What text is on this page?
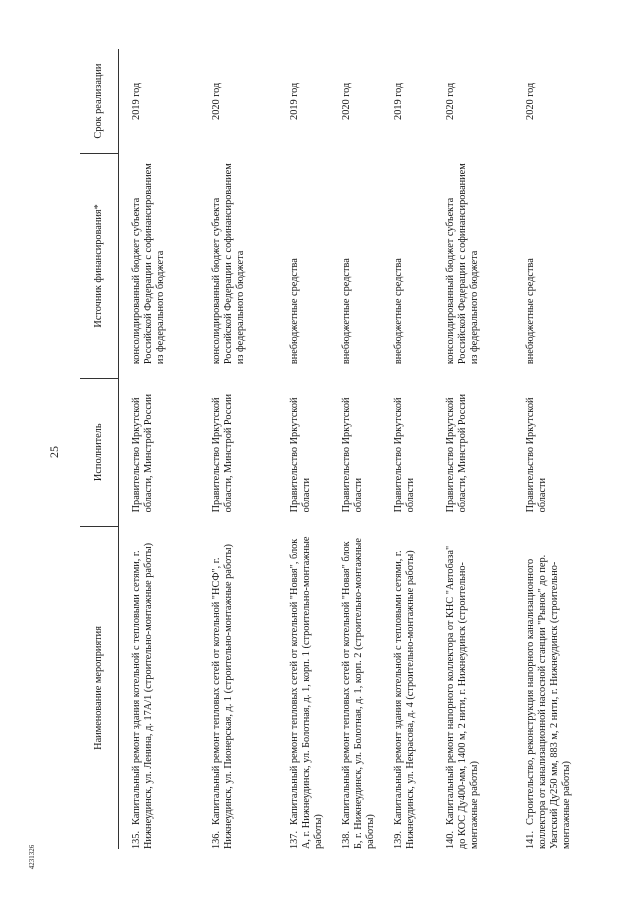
25
4231326
Наименование мероприятия	Исполнитель	Источник финансирования*	Срок реализации
135.Капитальный ремонт здания котельной с тепловыми сетями, г. Нижнеудинск, ул. Ленина, д. 17А/1 (строительно-монтажные работы)	Правительство Иркутской области, Минстрой России	консолидированный бюджет субъекта Российской Федерации с софинансированием из федерального бюджета	2019 год
136.Капитальный ремонт тепловых сетей от котельной "НСФ", г. Нижнеудинск, ул. Пионерская, д. 1 (строительно-монтажные работы)	Правительство Иркутской области, Минстрой России	консолидированный бюджет субъекта Российской Федерации с софинансированием из федерального бюджета	2020 год
137.Капитальный ремонт тепловых сетей от котельной "Новая", блок А, г. Нижнеудинск, ул. Болотная, д. 1, корп. 1 (строительно-монтажные работы)	Правительство Иркутской области	внебюджетные средства	2019 год
138.Капитальный ремонт тепловых сетей от котельной "Новая" блок Б, г. Нижнеудинск, ул. Болотная, д. 1, корп. 2 (строительно-монтажные работы)	Правительство Иркутской области	внебюджетные средства	2020 год
139.Капитальный ремонт здания котельной с тепловыми сетями, г. Нижнеудинск, ул. Некрасова, д. 4 (строительно-монтажные работы)	Правительство Иркутской области	внебюджетные средства	2019 год
140.Капитальный ремонт напорного коллектора от КНС "Автобаза" до КОС Ду400-мм, 1400 м, 2 нити, г. Нижнеудинск (строительно-монтажные работы)	Правительство Иркутской области, Минстрой России	консолидированный бюджет субъекта Российской Федерации с софинансированием из федерального бюджета	2020 год
141.Строительство, реконструкция напорного канализационного коллектора от канализационной насосной станции "Рынок" до пер. Уватский Ду250 мм, 883 м, 2 нити, г. Нижнеудинск (строительно-монтажные работы)	Правительство Иркутской области	внебюджетные средства	2020 год
